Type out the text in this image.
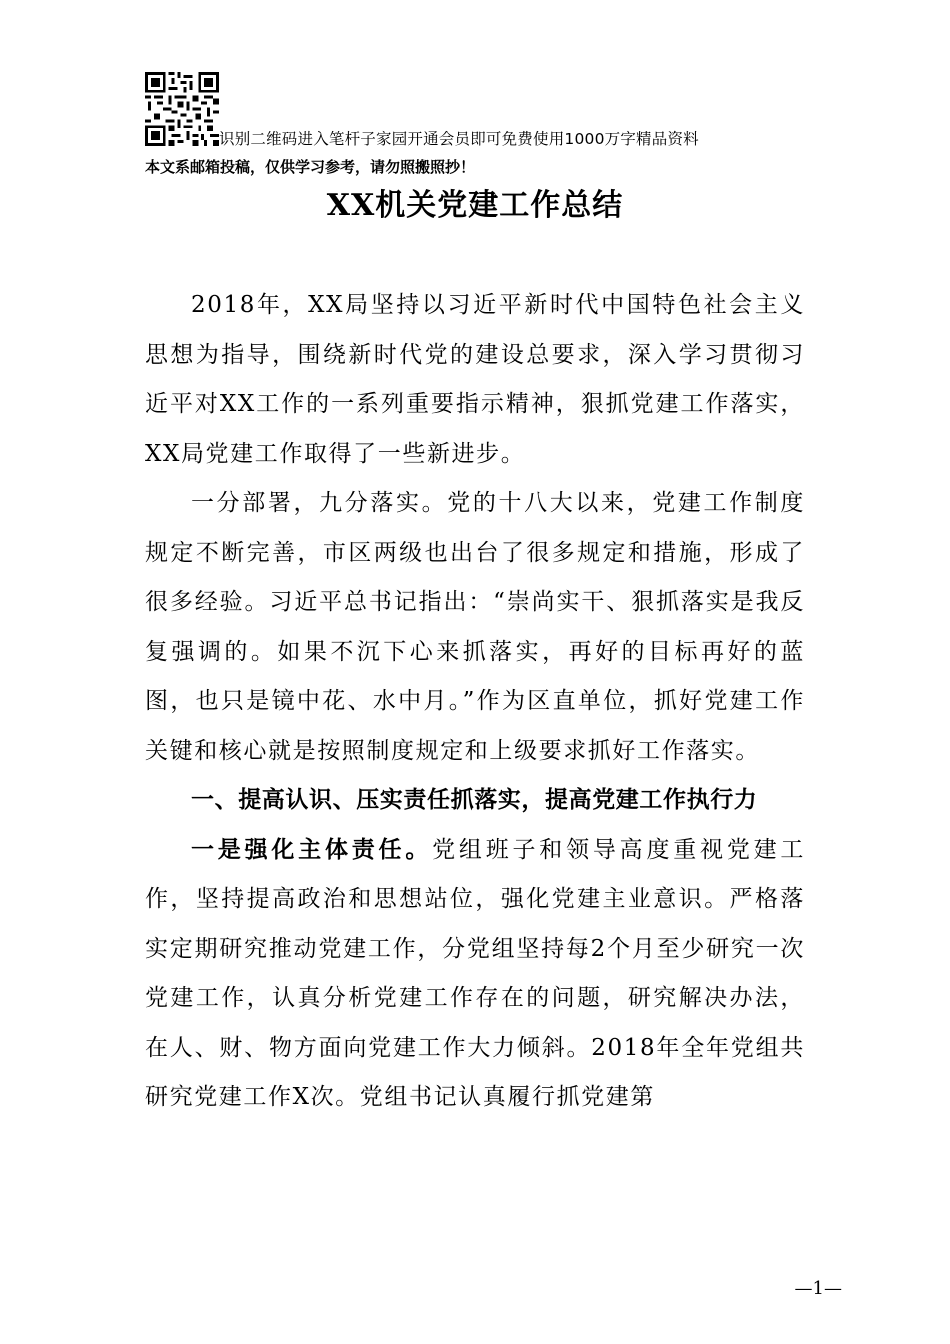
识别二维码进入笔杆子家园开通会员即可免费使用1000万字精品资料
本文系邮箱投稿，仅供学习参考，请勿照搬照抄！
XX机关党建工作总结

2018年，XX局坚持以习近平新时代中国特色社会主义思想为指导，围绕新时代党的建设总要求，深入学习贯彻习近平对XX工作的一系列重要指示精神，狠抓党建工作落实，XX局党建工作取得了一些新进步。

一分部署，九分落实。党的十八大以来，党建工作制度规定不断完善，市区两级也出台了很多规定和措施，形成了很多经验。习近平总书记指出：“崇尚实干、狠抓落实是我反复强调的。如果不沉下心来抓落实，再好的目标再好的蓝图，也只是镜中花、水中月。”作为区直单位，抓好党建工作关键和核心就是按照制度规定和上级要求抓好工作落实。

一、提高认识、压实责任抓落实，提高党建工作执行力

一是强化主体责任。党组班子和领导高度重视党建工作，坚持提高政治和思想站位，强化党建主业意识。严格落实定期研究推动党建工作，分党组坚持每2个月至少研究一次党建工作，认真分析党建工作存在的问题，研究解决办法，在人、财、物方面向党建工作大力倾斜。2018年全年党组共研究党建工作X次。党组书记认真履行抓党建第

—1—
